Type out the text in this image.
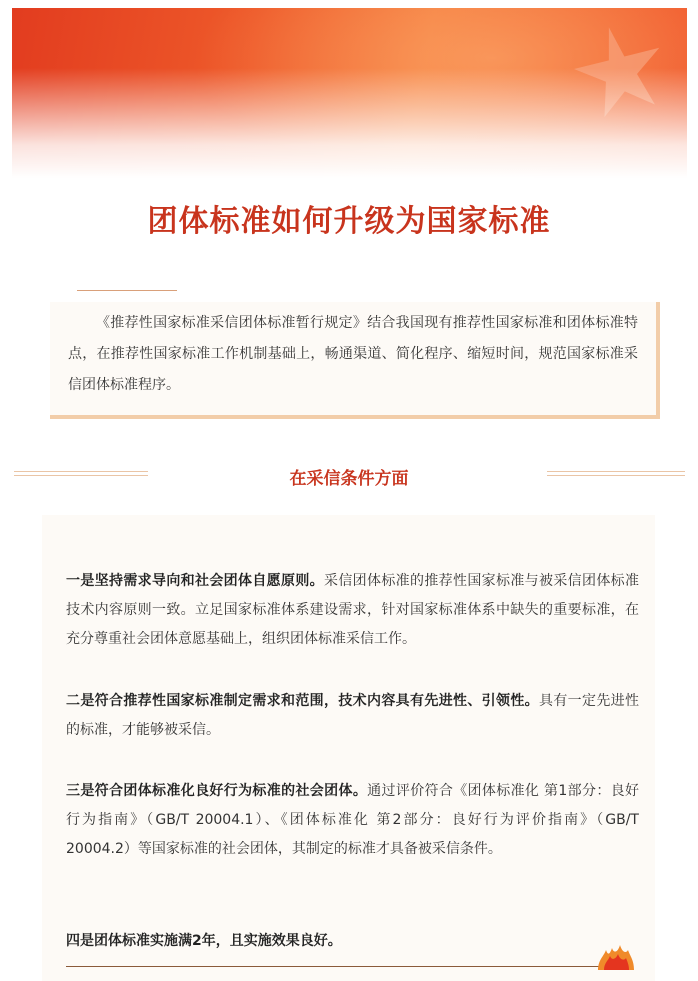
团体标准如何升级为国家标准

《推荐性国家标准采信团体标准暂行规定》结合我国现有推荐性国家标准和团体标准特点，在推荐性国家标准工作机制基础上，畅通渠道、简化程序、缩短时间，规范国家标准采信团体标准程序。

在采信条件方面

一是坚持需求导向和社会团体自愿原则。采信团体标准的推荐性国家标准与被采信团体标准技术内容原则一致。立足国家标准体系建设需求，针对国家标准体系中缺失的重要标准，在充分尊重社会团体意愿基础上，组织团体标准采信工作。

二是符合推荐性国家标准制定需求和范围，技术内容具有先进性、引领性。具有一定先进性的标准，才能够被采信。

三是符合团体标准化良好行为标准的社会团体。通过评价符合《团体标准化 第1部分：良好行为指南》（GB/T 20004.1）、《团体标准化 第2部分：良好行为评价指南》（GB/T 20004.2）等国家标准的社会团体，其制定的标准才具备被采信条件。

四是团体标准实施满2年，且实施效果良好。
